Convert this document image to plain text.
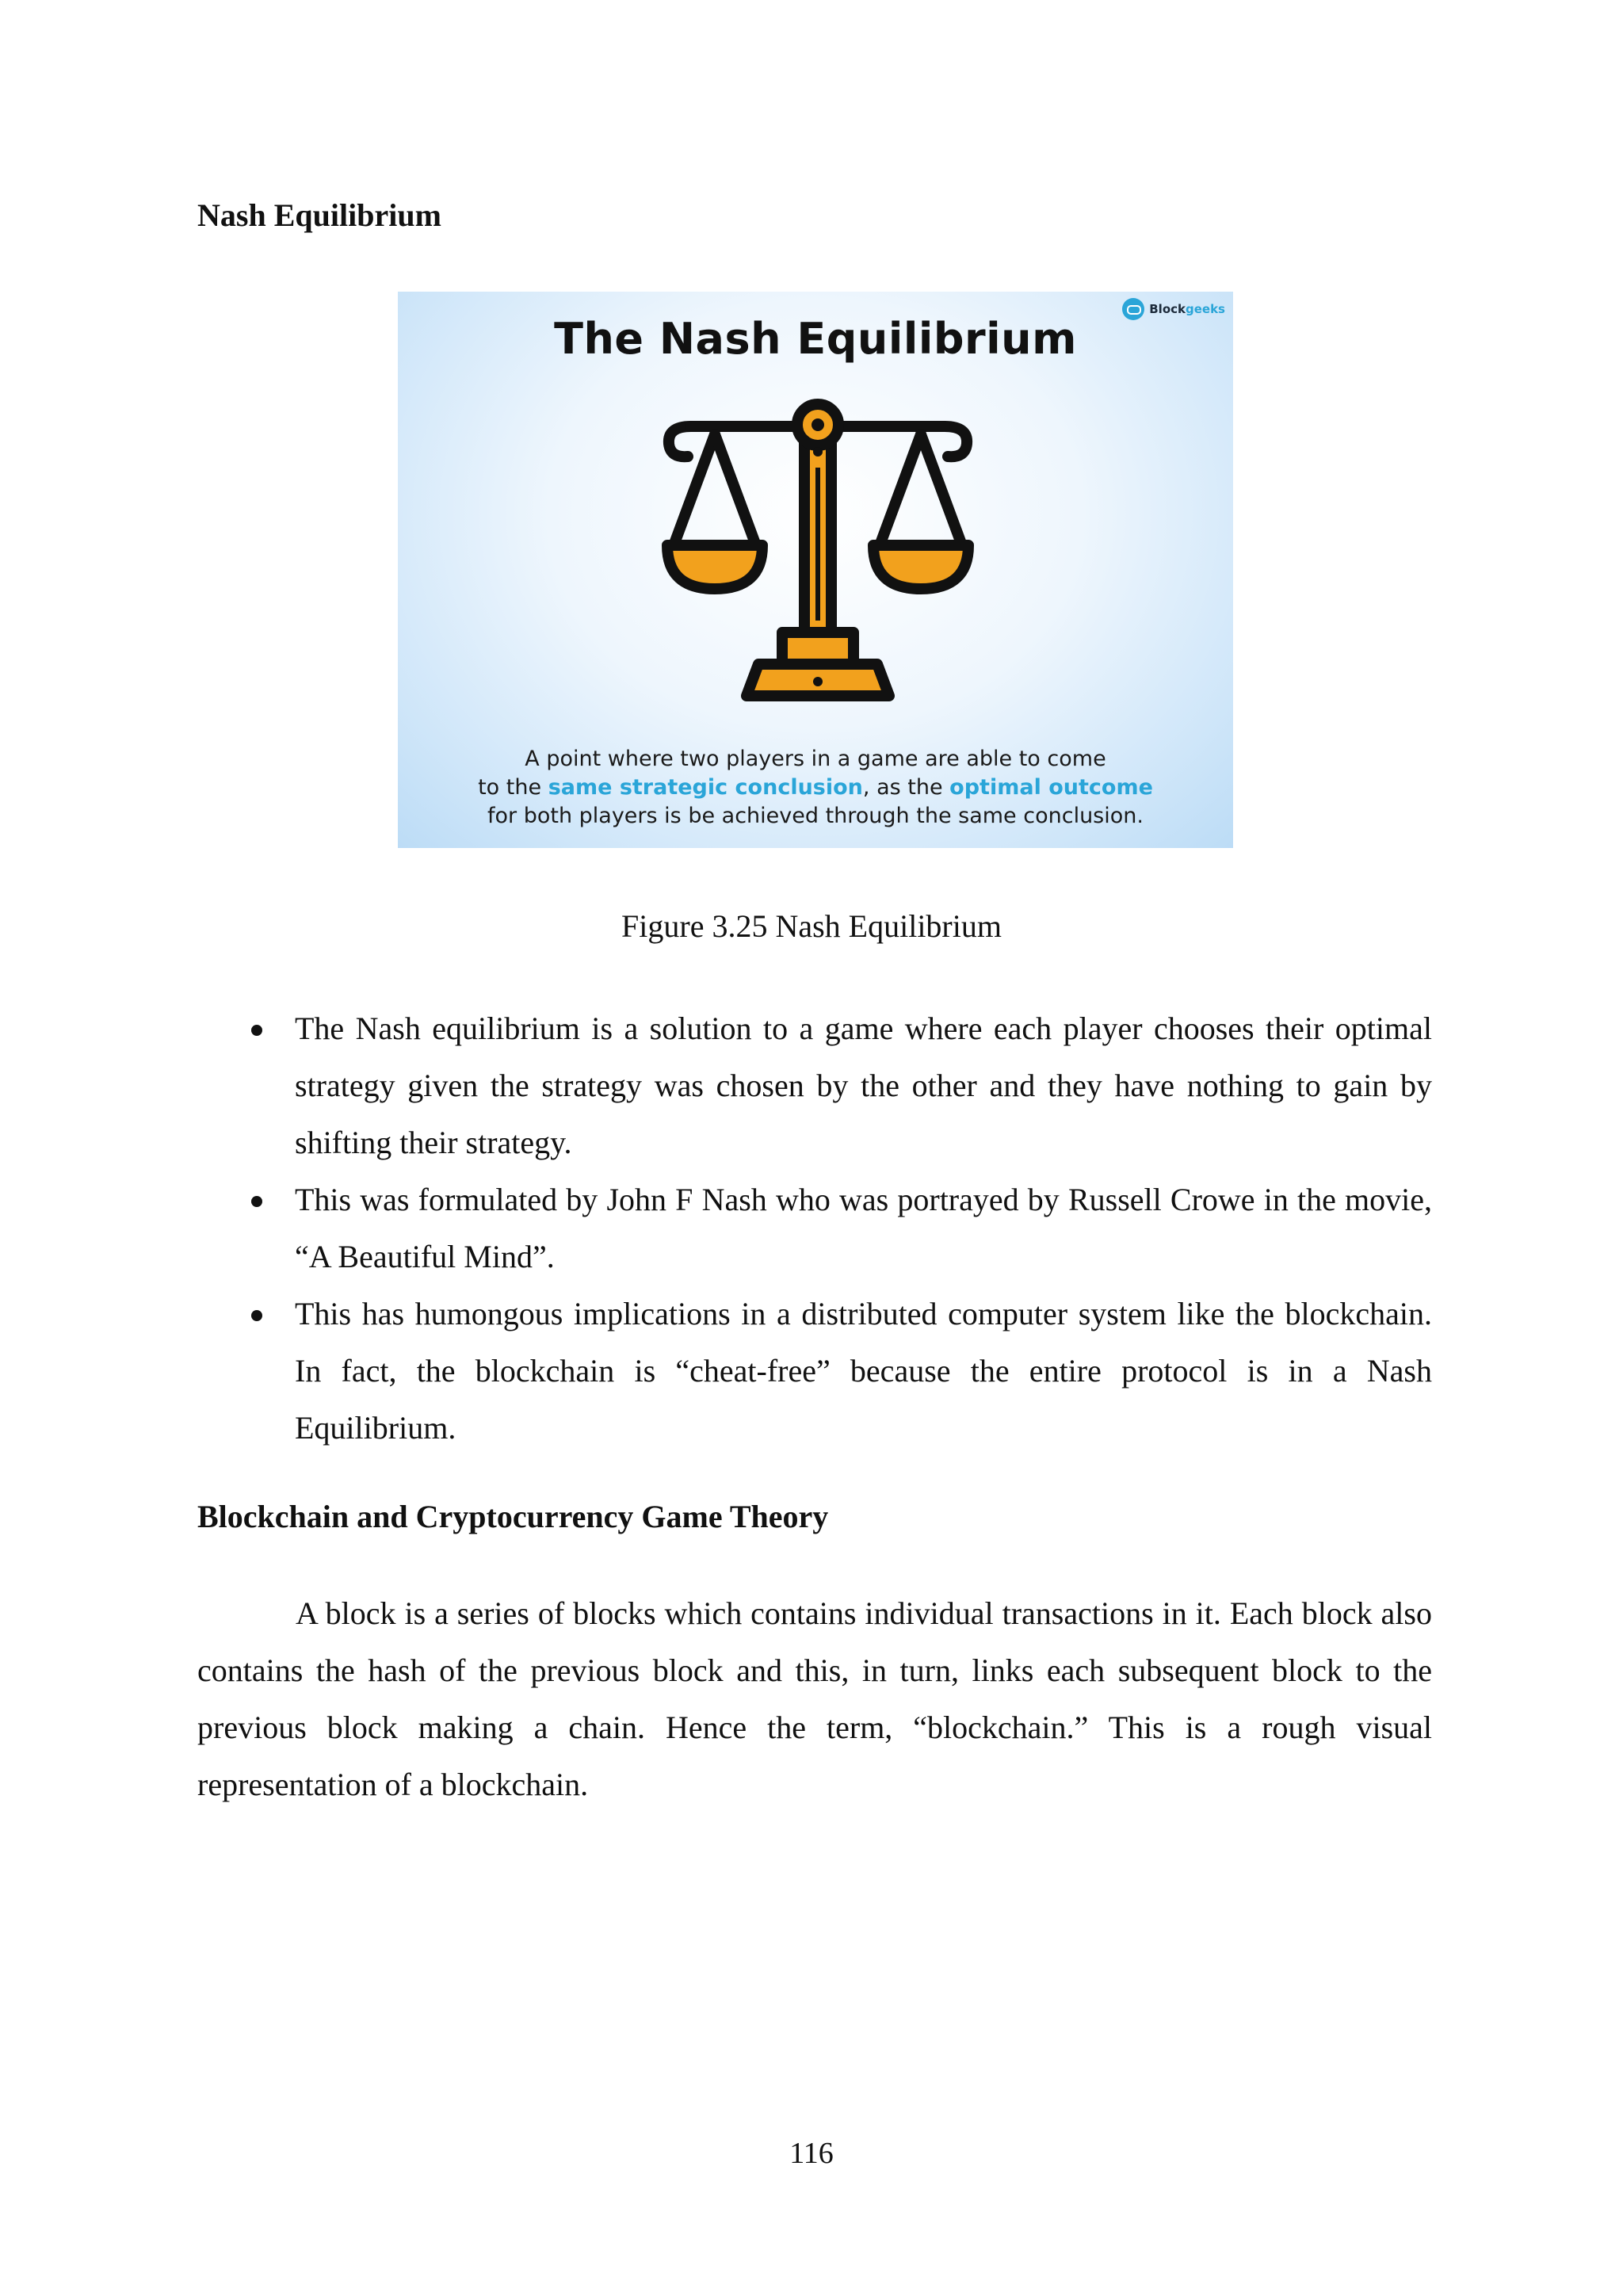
Nash Equilibrium
Blockgeeks
The Nash Equilibrium
A point where two players in a game are able to come
to the same strategic conclusion, as the optimal outcome
for both players is be achieved through the same conclusion.
Figure 3.25 Nash Equilibrium
The Nash equilibrium is a solution to a game where each player chooses their optimal strategy given the strategy was chosen by the other and they have nothing to gain by shifting their strategy.
This was formulated by John F Nash who was portrayed by Russell Crowe in the movie, “A Beautiful Mind”.
This has humongous implications in a distributed computer system like the blockchain. In fact, the blockchain is “cheat-free” because the entire protocol is in a Nash Equilibrium.
Blockchain and Cryptocurrency Game Theory

A block is a series of blocks which contains individual transactions in it. Each block also contains the hash of the previous block and this, in turn, links each subsequent block to the previous block making a chain. Hence the term, “blockchain.” This is a rough visual representation of a blockchain.

116
